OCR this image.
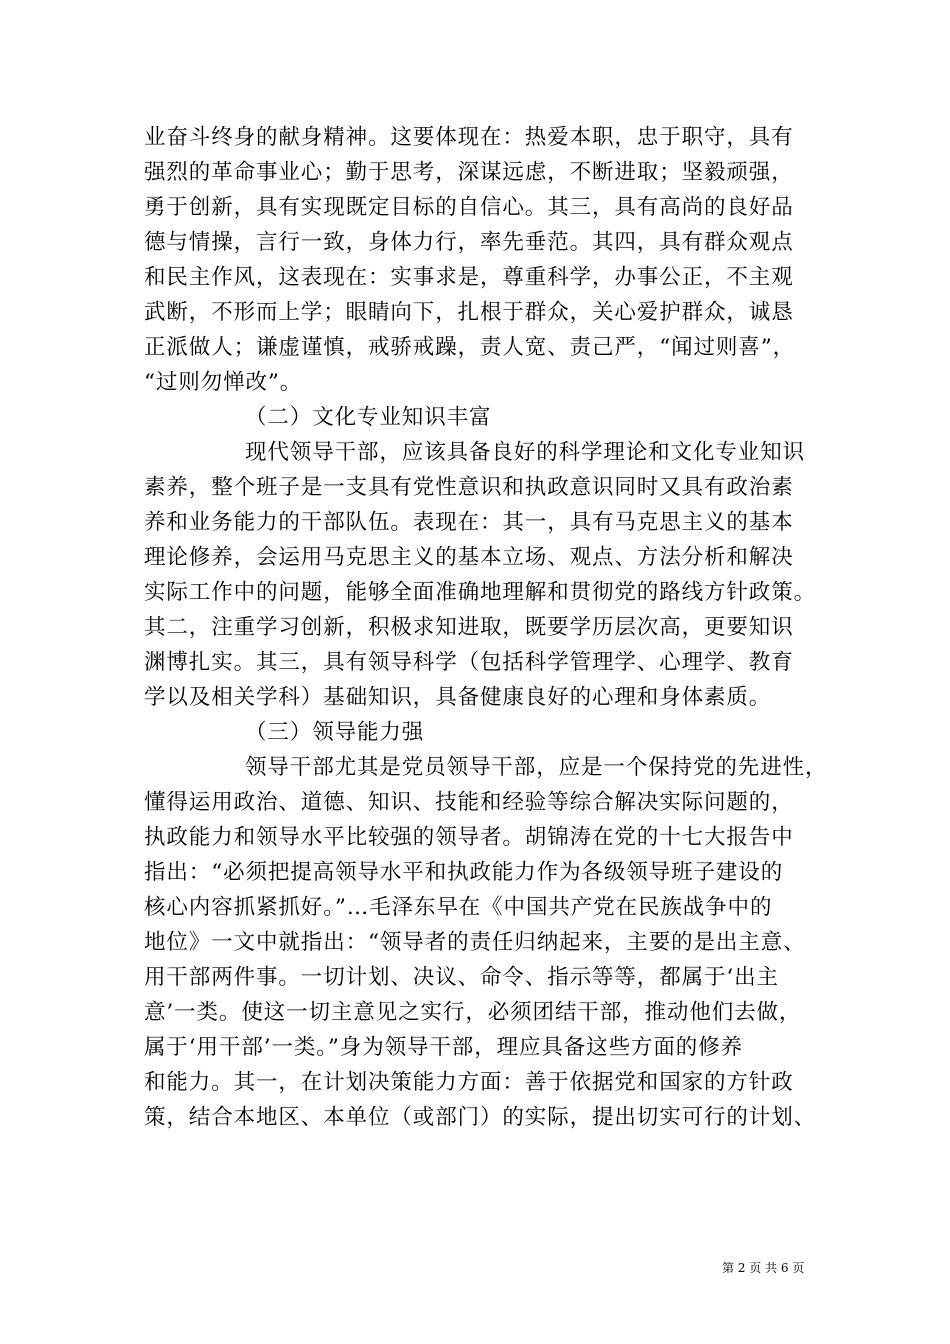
业奋斗终身的献身精神。这要体现在：热爱本职，忠于职守，具有
强烈的革命事业心；勤于思考，深谋远虑，不断进取；坚毅顽强，
勇于创新，具有实现既定目标的自信心。其三，具有高尚的良好品
德与情操，言行一致，身体力行，率先垂范。其四，具有群众观点
和民主作风，这表现在：实事求是，尊重科学，办事公正，不主观
武断，不形而上学；眼睛向下，扎根于群众，关心爱护群众，诚恳
正派做人；谦虚谨慎，戒骄戒躁，责人宽、责己严，“闻过则喜”，
“过则勿惮改”。
（二）文化专业知识丰富
现代领导干部，应该具备良好的科学理论和文化专业知识
素养，整个班子是一支具有党性意识和执政意识同时又具有政治素
养和业务能力的干部队伍。表现在：其一，具有马克思主义的基本
理论修养，会运用马克思主义的基本立场、观点、方法分析和解决
实际工作中的问题，能够全面准确地理解和贯彻党的路线方针政策。
其二，注重学习创新，积极求知进取，既要学历层次高，更要知识
渊博扎实。其三，具有领导科学（包括科学管理学、心理学、教育
学以及相关学科）基础知识，具备健康良好的心理和身体素质。
（三）领导能力强
领导干部尤其是党员领导干部，应是一个保持党的先进性，
懂得运用政治、道德、知识、技能和经验等综合解决实际问题的，
执政能力和领导水平比较强的领导者。胡锦涛在党的十七大报告中
指出：“必须把提高领导水平和执政能力作为各级领导班子建设的
核心内容抓紧抓好。”…毛泽东早在《中国共产党在民族战争中的
地位》一文中就指出：“领导者的责任归纳起来，主要的是出主意、
用干部两件事。一切计划、决议、命令、指示等等，都属于‘出主
意’一类。使这一切主意见之实行，必须团结干部，推动他们去做，
属于‘用干部’一类。”身为领导干部，理应具备这些方面的修养
和能力。其一，在计划决策能力方面：善于依据党和国家的方针政
策，结合本地区、本单位（或部门）的实际，提出切实可行的计划、
第 2 页 共 6 页
